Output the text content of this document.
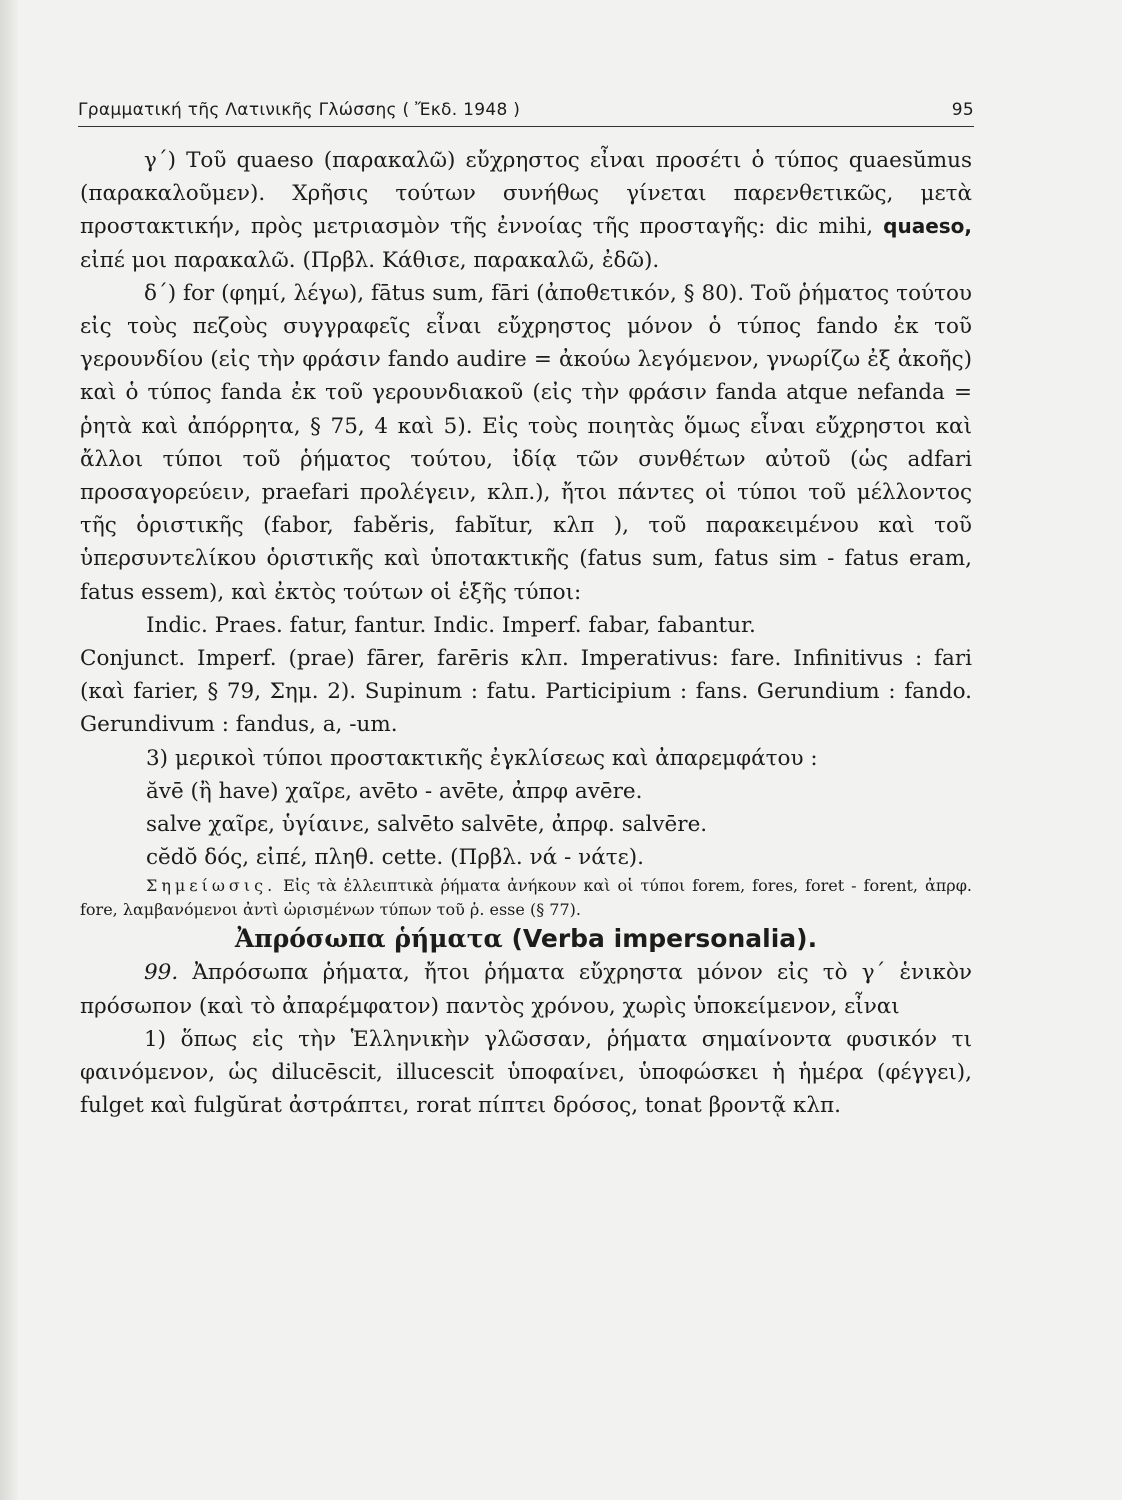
Γραμματική τῆς Λατινικῆς Γλώσσης ( Ἔκδ. 1948 )	95

γ΄) Τοῦ quaeso (παρακαλῶ) εὔχρηστος εἶναι προσέτι ὁ τύπος quaesŭmus (παρακαλοῦμεν). Χρῆσις τούτων συνήθως γίνεται παρενθετικῶς, μετὰ προστακτικήν, πρὸς μετριασμὸν τῆς ἐννοίας τῆς προσταγῆς: dic mihi, quaeso, εἰπέ μοι παρακαλῶ. (Πρβλ. Κάθισε, παρακαλῶ, ἐδῶ).

δ΄) for (φημί, λέγω), fātus sum, fāri (ἀποθετικόν, § 80). Τοῦ ῥήματος τούτου εἰς τοὺς πεζοὺς συγγραφεῖς εἶναι εὔχρηστος μόνον ὁ τύπος fando ἐκ τοῦ γερουνδίου (εἰς τὴν φράσιν fando audire = ἀκούω λεγόμενον, γνωρίζω ἐξ ἀκοῆς) καὶ ὁ τύπος fanda ἐκ τοῦ γερουνδιακοῦ (εἰς τὴν φράσιν fanda atque nefanda = ῥητὰ καὶ ἀπόρρητα, § 75, 4 καὶ 5). Εἰς τοὺς ποιητὰς ὅμως εἶναι εὔχρηστοι καὶ ἄλλοι τύποι τοῦ ῥήματος τούτου, ἰδίᾳ τῶν συνθέτων αὐτοῦ (ὡς adfari προσαγορεύειν, praefari προλέγειν, κλπ.), ἤτοι πάντες οἱ τύποι τοῦ μέλλοντος τῆς ὁριστικῆς (fabor, faběris, fabĭtur, κλπ ), τοῦ παρακειμένου καὶ τοῦ ὑπερσυντελίκου ὁριστικῆς καὶ ὑποτακτικῆς (fatus sum, fatus sim - fatus eram, fatus essem), καὶ ἐκτὸς τούτων οἱ ἑξῆς τύποι:

Indic. Praes. fatur, fantur. Indic. Imperf. fabar, fabantur.

Conjunct. Imperf. (prae) fārer, farēris κλπ. Imperativus: fare. Infinitivus : fari (καὶ farier, § 79, Σημ. 2). Supinum : fatu. Participium : fans. Gerundium : fando. Gerundivum : fandus, a, -um.

3) μερικοὶ τύποι προστακτικῆς ἐγκλίσεως καὶ ἀπαρεμφάτου :

ăvē (ἢ have) χαῖρε, avēto - avēte, ἀπρφ avēre.

salve χαῖρε, ὑγίαινε, salvēto salvēte, ἀπρφ. salvēre.

cĕdŏ δός, εἰπέ, πληθ. cette. (Πρβλ. νά - νάτε).

Σημείωσις. Εἰς τὰ ἐλλειπτικὰ ῥήματα ἀνήκουν καὶ οἱ τύποι forem, fores, foret - forent, ἀπρφ. fore, λαμβανόμενοι ἀντὶ ὡρισμένων τύπων τοῦ ῥ. esse (§ 77).

Ἀπρόσωπα ῥήματα (Verba impersonalia).

99. Ἀπρόσωπα ῥήματα, ἤτοι ῥήματα εὔχρηστα μόνον εἰς τὸ γ΄ ἑνικὸν πρόσωπον (καὶ τὸ ἀπαρέμφατον) παντὸς χρόνου, χωρὶς ὑποκείμενον, εἶναι

1) ὅπως εἰς τὴν Ἑλληνικὴν γλῶσσαν, ῥήματα σημαίνοντα φυσικόν τι φαινόμενον, ὡς dilucēscit, illucescit ὑποφαίνει, ὑποφώσκει ἡ ἡμέρα (φέγγει), fulget καὶ fulgŭrat ἀστράπτει, rorat πίπτει δρόσος, tonat βροντᾷ κλπ.
